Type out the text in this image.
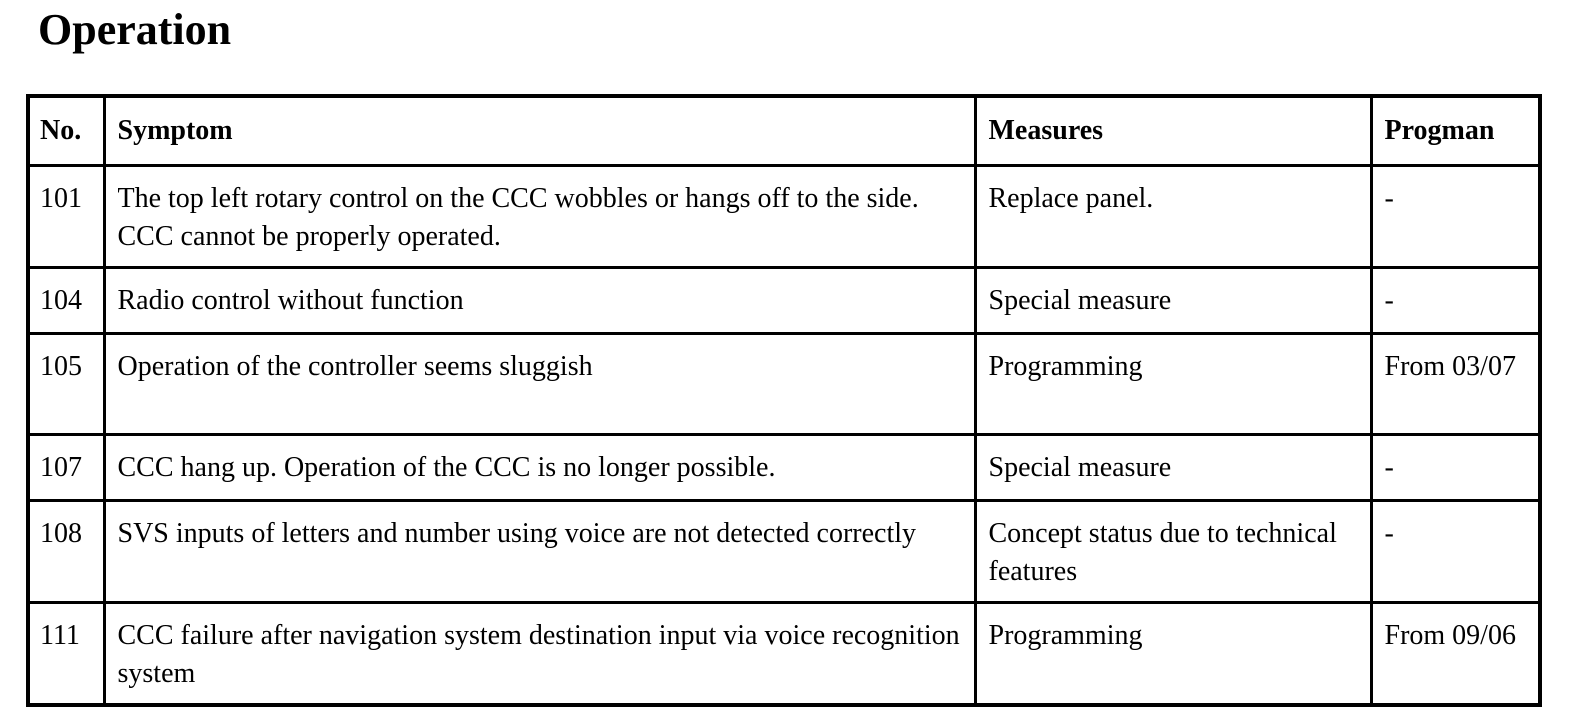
Operation
No.	Symptom	Measures	Progman
101	The top left rotary control on the CCC wobbles or hangs off to the side. CCC cannot be properly operated.	Replace panel.	-
104	Radio control without function	Special measure	-
105	Operation of the controller seems sluggish	Programming	From 03/07
107	CCC hang up. Operation of the CCC is no longer possible.	Special measure	-
108	SVS inputs of letters and number using voice are not detected correctly	Concept status due to technical features	-
111	CCC failure after navigation system destination input via voice recognition system	Programming	From 09/06
